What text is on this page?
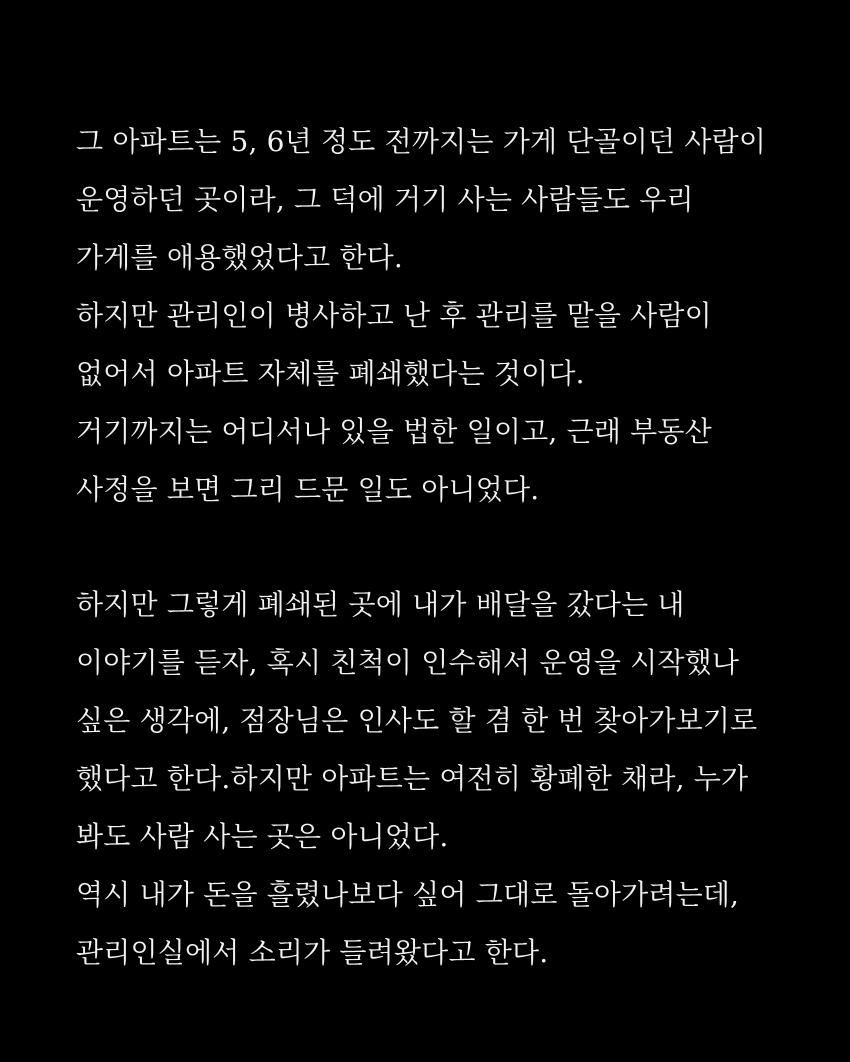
그 아파트는 5, 6년 정도 전까지는 가게 단골이던 사람이
운영하던 곳이라, 그 덕에 거기 사는 사람들도 우리
가게를 애용했었다고 한다.
하지만 관리인이 병사하고 난 후 관리를 맡을 사람이
없어서 아파트 자체를 폐쇄했다는 것이다.
거기까지는 어디서나 있을 법한 일이고, 근래 부동산
사정을 보면 그리 드문 일도 아니었다.
하지만 그렇게 폐쇄된 곳에 내가 배달을 갔다는 내
이야기를 듣자, 혹시 친척이 인수해서 운영을 시작했나
싶은 생각에, 점장님은 인사도 할 겸 한 번 찾아가보기로
했다고 한다.하지만 아파트는 여전히 황폐한 채라, 누가
봐도 사람 사는 곳은 아니었다.
역시 내가 돈을 흘렸나보다 싶어 그대로 돌아가려는데,
관리인실에서 소리가 들려왔다고 한다.
